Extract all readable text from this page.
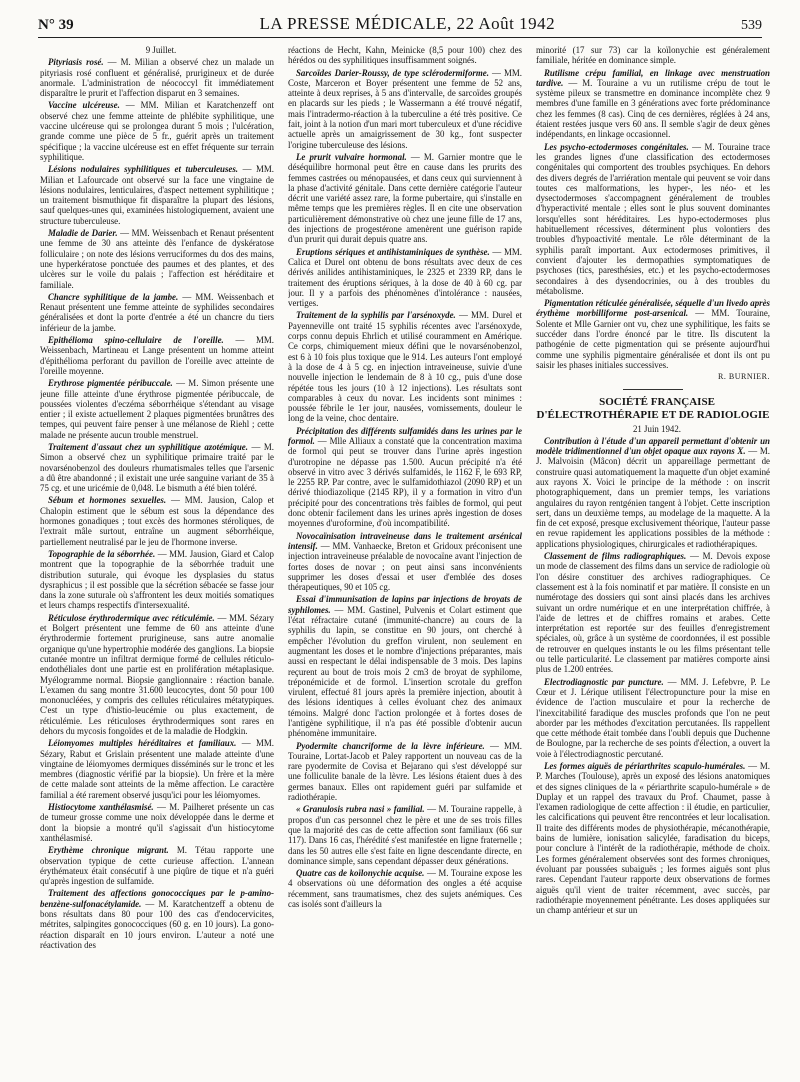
N° 39	LA PRESSE MÉDICALE, 22 Août 1942	539

9 Juillet.

Pityriasis rosé. — M. Milian a observé chez un malade un pityriasis rosé confluent et généralisé, prurigineux et de durée anormale. L'administration de néococcyl fit immédiatement disparaître le prurit et l'affection disparut en 3 semaines.

Vaccine ulcéreuse. — MM. Milian et Karatchenzeff ont observé chez une femme atteinte de phlébite syphilitique, une vaccine ulcéreuse qui se prolongea durant 5 mois ; l'ulcération, grande comme une pièce de 5 fr., guérit après un traitement spécifique ; la vaccine ulcéreuse est en effet fréquente sur terrain syphilitique.

Lésions nodulaires syphilitiques et tuberculeuses. — MM. Milian et Lafourcade ont observé sur la face une vingtaine de lésions nodulaires, lenticulaires, d'aspect nettement syphilitique ; un traitement bismuthique fit disparaître la plupart des lésions, sauf quelques-unes qui, examinées histologiquement, avaient une structure tuberculeuse.

Maladie de Darier. — MM. Weissenbach et Renaut présentent une femme de 30 ans atteinte dès l'enfance de dyskératose folliculaire ; on note des lésions verruciformes du dos des mains, une hyperkératose ponctuée des paumes et des plantes, et des ulcères sur le voile du palais ; l'affection est héréditaire et familiale.

Chancre syphilitique de la jambe. — MM. Weissenbach et Renaut présentent une femme atteinte de syphilides secondaires généralisées et dont la porte d'entrée a été un chancre du tiers inférieur de la jambe.

Epithélioma spino-cellulaire de l'oreille. — MM. Weissenbach, Martineau et Lange présentent un homme atteint d'épithélioma perforant du pavillon de l'oreille avec atteinte de l'oreille moyenne.

Erythrose pigmentée péribuccale. — M. Simon présente une jeune fille atteinte d'une érythrose pigmentée péribuccale, de poussées violentes d'eczéma séborrhéique s'étendant au visage entier ; il existe actuellement 2 plaques pigmentées brunâtres des tempes, qui peuvent faire penser à une mélanose de Riehl ; cette malade ne présente aucun trouble menstruel.

Traitement d'assaut chez un syphilitique azotémique. — M. Simon a observé chez un syphilitique primaire traité par le novarsénobenzol des douleurs rhumatismales telles que l'arsenic a dû être abandonné ; il existait une urée sanguine variant de 35 à 75 cg. et une uricémie de 0,048. Le bismuth a été bien toléré.

Sébum et hormones sexuelles. — MM. Jausion, Calop et Chalopin estiment que le sébum est sous la dépendance des hormones gonadiques ; tout excès des hormones stéroliques, de l'extrait mâle surtout, entraîne un augment séborrhéique, partiellement neutralisé par le jeu de l'hormone inverse.

Topographie de la séborrhée. — MM. Jausion, Giard et Calop montrent que la topographie de la séborrhée traduit une distribution suturale, qui évoque les dysplasies du status dysraphicus ; il est possible que la sécrétion sébacée se fasse jour dans la zone suturale où s'affrontent les deux moitiés somatiques et leurs champs respectifs d'intersexualité.

Réticulose érythrodermique avec réticulémie. — MM. Sézary et Bolgert présentent une femme de 60 ans atteinte d'une érythrodermie fortement prurigineuse, sans autre anomalie organique qu'une hypertrophie modérée des ganglions. La biopsie cutanée montre un infiltrat dermique formé de cellules réticulo-endothéliales dont une partie est en prolifération métaplasique. Myélogramme normal. Biopsie ganglionnaire : réaction banale. L'examen du sang montre 31.600 leucocytes, dont 50 pour 100 mononucléées, y compris des cellules réticulaires métatypiques. C'est un type d'histio-leucémie ou plus exactement, de réticulémie. Les réticuloses érythrodermiques sont rares en dehors du mycosis fongoïdes et de la maladie de Hodgkin.

Léiomyomes multiples héréditaires et familiaux. — MM. Sézary, Rabut et Grislain présentent une malade atteinte d'une vingtaine de léiomyomes dermiques disséminés sur le tronc et les membres (diagnostic vérifié par la biopsie). Un frère et la mère de cette malade sont atteints de la même affection. Le caractère familial a été rarement observé jusqu'ici pour les léiomyomes.

Histiocytome xanthélasmisé. — M. Pailheret présente un cas de tumeur grosse comme une noix développée dans le derme et dont la biopsie a montré qu'il s'agissait d'un histiocytome xanthélasmisé.

Erythème chronique migrant. M. Tétau rapporte une observation typique de cette curieuse affection. L'annean érythémateux était consécutif à une piqûre de tique et n'a guéri qu'après ingestion de sulfamide.

Traitement des affections gonococciques par le p-amino-benzène-sulfonacétylamide. — M. Karatchentzeff a obtenu de bons résultats dans 80 pour 100 des cas d'endocervicites, métrites, salpingites gonococciques (60 g. en 10 jours). La gono-réaction disparaît en 10 jours environ. L'auteur a noté une réactivation des

réactions de Hecht, Kahn, Meinicke (8,5 pour 100) chez des hérédos ou des syphilitiques insuffisamment soignés.

Sarcoïdes Darier-Roussy, de type sclérodermiforme. — MM. Coste, Marceron et Boyer présentent une femme de 52 ans, atteinte à deux reprises, à 5 ans d'intervalle, de sarcoïdes groupés en placards sur les pieds ; le Wassermann a été trouvé négatif, mais l'intradermo-réaction à la tuberculine a été très positive. Ce fait, joint à la notion d'un mari mort tuberculeux et d'une récidive actuelle après un amaigrissement de 30 kg., font suspecter l'origine tuberculeuse des lésions.

Le prurit vulvaire hormonal. — M. Garnier montre que le déséquilibre hormonal peut être en cause dans les prurits des femmes castrées ou ménopausées, et dans ceux qui surviennent à la phase d'activité génitale. Dans cette dernière catégorie l'auteur décrit une variété assez rare, la forme pubertaire, qui s'installe en même temps que les premières règles. Il en cite une observation particulièrement démonstrative où chez une jeune fille de 17 ans, des injections de progestérone amenèrent une guérison rapide d'un prurit qui durait depuis quatre ans.

Eruptions sériques et antihistaminiques de synthèse. — MM. Calica et Durel ont obtenu de bons résultats avec deux de ces dérivés anilides antihistaminiques, le 2325 et 2339 RP, dans le traitement des éruptions sériques, à la dose de 40 à 60 cg. par jour. Il y a parfois des phénomènes d'intolérance : nausées, vertiges.

Traitement de la syphilis par l'arsénoxyde. — MM. Durel et Payenneville ont traité 15 syphilis récentes avec l'arsénoxyde, corps connu depuis Ehrlich et utilisé couramment en Amérique. Ce corps, chimiquement mieux défini que le novarsénobenzol, est 6 à 10 fois plus toxique que le 914. Les auteurs l'ont employé à la dose de 4 à 5 cg. en injection intraveineuse, suivie d'une nouvelle injection le lendemain de 8 à 10 cg., puis d'une dose répétée tous les jours (10 à 12 injections). Les résultats sont comparables à ceux du novar. Les incidents sont minimes : poussée fébrile le 1er jour, nausées, vomissements, douleur le long de la veine, choc dentaire.

Précipitation des différents sulfamidés dans les urines par le formol. — Mlle Alliaux a constaté que la concentration maxima de formol qui peut se trouver dans l'urine après ingestion d'urotropine ne dépasse pas 1.500. Aucun précipité n'a été observé in vitro avec 3 dérivés sulfamidés, le 1162 F, le 693 RP, le 2255 RP. Par contre, avec le sulfamidothiazol (2090 RP) et un dérivé thiodiazolique (2145 RP), il y a formation in vitro d'un précipité pour des concentrations très faibles de formol, qui peut donc obtenir facilement dans les urines après ingestion de doses moyennes d'uroformine, d'où incompatibilité.

Novocaïnisation intraveineuse dans le traitement arsénical intensif. — MM. Vanhaecke, Breton et Gridoux préconisent une injection intraveineuse préalable de novocaïne avant l'injection de fortes doses de novar ; on peut ainsi sans inconvénients supprimer les doses d'essai et user d'emblée des doses thérapeutiques, 90 et 105 cg.

Essai d'immunisation de lapins par injections de broyats de syphilomes. — MM. Gastinel, Pulvenis et Colart estiment que l'état réfractaire cutané (immunité-chancre) au cours de la syphilis du lapin, se constitue en 90 jours, ont cherché à empêcher l'évolution du greffon virulent, non seulement en augmentant les doses et le nombre d'injections préparantes, mais aussi en respectant le délai indispensable de 3 mois. Des lapins reçurent au bout de trois mois 2 cm3 de broyat de syphilome, tréponémicide et de formol. L'insertion scrotale du greffon virulent, effectué 81 jours après la première injection, aboutit à des lésions identiques à celles évoluant chez des animaux témoins. Malgré donc l'action prolongée et à fortes doses de l'antigène syphilitique, il n'a pas été possible d'obtenir aucun phénomène immunitaire.

Pyodermite chancriforme de la lèvre inférieure. — MM. Touraine, Lortat-Jacob et Paley rapportent un nouveau cas de la rare pyodermite de Covisa et Bejarano qui s'est développé sur une folliculite banale de la lèvre. Les lésions étaient dues à des germes banaux. Elles ont rapidement guéri par sulfamide et radiothérapie.

« Granulosis rubra nasi » familial. — M. Touraine rappelle, à propos d'un cas personnel chez le père et une de ses trois filles que la majorité des cas de cette affection sont familiaux (66 sur 117). Dans 16 cas, l'hérédité s'est manifestée en ligne fraternelle ; dans les 50 autres elle s'est faite en ligne descendante directe, en dominance simple, sans cependant dépasser deux générations.

Quatre cas de koïlonychie acquise. — M. Touraine expose les 4 observations où une déformation des ongles a été acquise récemment, sans traumatismes, chez des sujets anémiques. Ces cas isolés sont d'ailleurs la

minorité (17 sur 73) car la koïlonychie est généralement familiale, héritée en dominance simple.

Rutilisme crépu familial, en linkage avec menstruation tardive. — M. Touraine a vu un rutilisme crépu de tout le système pileux se transmettre en dominance incomplète chez 9 membres d'une famille en 3 générations avec forte prédominance chez les femmes (8 cas). Cinq de ces dernières, réglées à 24 ans, étaient restées jusque vers 60 ans. Il semble s'agir de deux gènes indépendants, en linkage occasionnel.

Les psycho-ectodermoses congénitales. — M. Touraine trace les grandes lignes d'une classification des ectodermoses congénitales qui comportent des troubles psychiques. En dehors des divers degrés de l'arriération mentale qui peuvent se voir dans toutes ces malformations, les hyper-, les néo- et les dysectodermoses s'accompagnent généralement de troubles d'hyperactivité mentale ; elles sont le plus souvent dominantes lorsqu'elles sont héréditaires. Les hypo-ectodermoses plus habituellement récessives, déterminent plus volontiers des troubles d'hypoactivité mentale. Le rôle déterminant de la syphilis paraît important. Aux ectodermoses primitives, il convient d'ajouter les dermopathies symptomatiques de psychoses (tics, paresthésies, etc.) et les psycho-ectodermoses secondaires à des dysendocrinies, ou à des troubles du métabolisme.

Pigmentation réticulée généralisée, séquelle d'un livedo après érythème morbilliforme post-arsenical. — MM. Touraine, Solente et Mlle Garnier ont vu, chez une syphilitique, les faits se succéder dans l'ordre énoncé par le titre. Ils discutent la pathogénie de cette pigmentation qui se présente aujourd'hui comme une syphilis pigmentaire généralisée et dont ils ont pu saisir les phases initiales successives.

R. BURNIER.

SOCIÉTÉ FRANÇAISE D'ÉLECTROTHÉRAPIE ET DE RADIOLOGIE

21 Juin 1942.

Contribution à l'étude d'un appareil permettant d'obtenir un modèle tridimentionnel d'un objet opaque aux rayons X. — M. J. Malvoisin (Mâcon) décrit un appareillage permettant de construire quasi automatiquement la maquette d'un objet examiné aux rayons X. Voici le principe de la méthode : on inscrit photographiquement, dans un premier temps, les variations angulaires du rayon rentgénien tangent à l'objet. Cette inscription sert, dans un deuxième temps, au modelage de la maquette. A la fin de cet exposé, presque exclusivement théorique, l'auteur passe en revue rapidement les applications possibles de la méthode : applications physiologiques, chirurgicales et radiothérapiques.

Classement de films radiographiques. — M. Devois expose un mode de classement des films dans un service de radiologie où l'on désire constituer des archives radiographiques. Ce classement est à la fois nominatif et par matière. Il consiste en un numérotage des dossiers qui sont ainsi placés dans les archives suivant un ordre numérique et en une interprétation chiffrée, à l'aide de lettres et de chiffres romains et arabes. Cette interprétation est reportée sur des feuilles d'enregistrement spéciales, où, grâce à un système de coordonnées, il est possible de retrouver en quelques instants le ou les films présentant telle ou telle particularité. Le classement par matières comporte ainsi plus de 1.200 entrées.

Electrodiagnostic par puncture. — MM. J. Lefebvre, P. Le Cœur et J. Lérique utilisent l'électropuncture pour la mise en évidence de l'action musculaire et pour la recherche de l'inexcitabilité faradique des muscles profonds que l'on ne peut aborder par les méthodes d'excitation percutanées. Ils rappellent que cette méthode était tombée dans l'oubli depuis que Duchenne de Boulogne, par la recherche de ses points d'élection, a ouvert la voie à l'électrodiagnostic percutané.

Les formes aiguës de périarthrites scapulo-humérales. — M. P. Marches (Toulouse), après un exposé des lésions anatomiques et des signes cliniques de la « périarthrite scapulo-humérale » de Duplay et un rappel des travaux du Prof. Chaumet, passe à l'examen radiologique de cette affection : il étudie, en particulier, les calcifications qui peuvent être rencontrées et leur localisation. Il traite des différents modes de physiothérapie, mécanothérapie, bains de lumière, ionisation salicylée, faradisation du biceps, pour conclure à l'intérêt de la radiothérapie, méthode de choix. Les formes généralement observées sont des formes chroniques, évoluant par poussées subaiguës ; les formes aiguës sont plus rares. Cependant l'auteur rapporte deux observations de formes aiguës qu'il vient de traiter récemment, avec succès, par radiothérapie moyennement pénétrante. Les doses appliquées sur un champ antérieur et sur un
